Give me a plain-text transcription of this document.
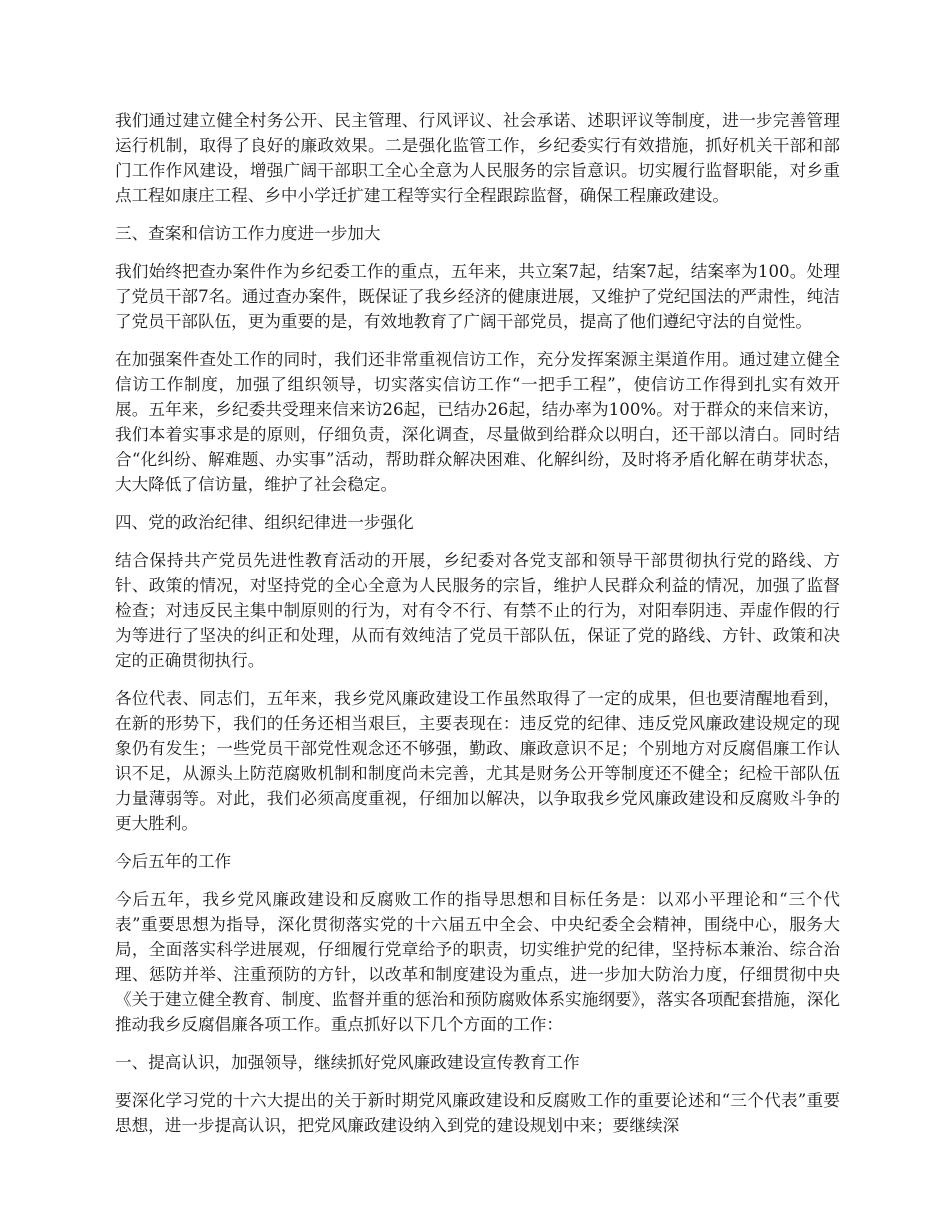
我们通过建立健全村务公开、民主管理、行风评议、社会承诺、述职评议等制度，进一步完善管理运行机制，取得了良好的廉政效果。二是强化监管工作，乡纪委实行有效措施，抓好机关干部和部门工作作风建设，增强广阔干部职工全心全意为人民服务的宗旨意识。切实履行监督职能，对乡重点工程如康庄工程、乡中小学迁扩建工程等实行全程跟踪监督，确保工程廉政建设。

三、查案和信访工作力度进一步加大

我们始终把查办案件作为乡纪委工作的重点，五年来，共立案7起，结案7起，结案率为100。处理了党员干部7名。通过查办案件，既保证了我乡经济的健康进展，又维护了党纪国法的严肃性，纯洁了党员干部队伍，更为重要的是，有效地教育了广阔干部党员，提高了他们遵纪守法的自觉性。

在加强案件查处工作的同时，我们还非常重视信访工作，充分发挥案源主渠道作用。通过建立健全信访工作制度，加强了组织领导，切实落实信访工作“一把手工程”，使信访工作得到扎实有效开展。五年来，乡纪委共受理来信来访26起，已结办26起，结办率为100%。对于群众的来信来访，我们本着实事求是的原则，仔细负责，深化调查，尽量做到给群众以明白，还干部以清白。同时结合“化纠纷、解难题、办实事”活动，帮助群众解决困难、化解纠纷，及时将矛盾化解在萌芽状态，大大降低了信访量，维护了社会稳定。

四、党的政治纪律、组织纪律进一步强化

结合保持共产党员先进性教育活动的开展，乡纪委对各党支部和领导干部贯彻执行党的路线、方针、政策的情况，对坚持党的全心全意为人民服务的宗旨，维护人民群众利益的情况，加强了监督检查；对违反民主集中制原则的行为，对有令不行、有禁不止的行为，对阳奉阴违、弄虚作假的行为等进行了坚决的纠正和处理，从而有效纯洁了党员干部队伍，保证了党的路线、方针、政策和决定的正确贯彻执行。

各位代表、同志们，五年来，我乡党风廉政建设工作虽然取得了一定的成果，但也要清醒地看到，在新的形势下，我们的任务还相当艰巨，主要表现在：违反党的纪律、违反党风廉政建设规定的现象仍有发生；一些党员干部党性观念还不够强，勤政、廉政意识不足；个别地方对反腐倡廉工作认识不足，从源头上防范腐败机制和制度尚未完善，尤其是财务公开等制度还不健全；纪检干部队伍力量薄弱等。对此，我们必须高度重视，仔细加以解决，以争取我乡党风廉政建设和反腐败斗争的更大胜利。

今后五年的工作

今后五年，我乡党风廉政建设和反腐败工作的指导思想和目标任务是：以邓小平理论和“三个代表”重要思想为指导，深化贯彻落实党的十六届五中全会、中央纪委全会精神，围绕中心，服务大局，全面落实科学进展观，仔细履行党章给予的职责，切实维护党的纪律，坚持标本兼治、综合治理、惩防并举、注重预防的方针，以改革和制度建设为重点，进一步加大防治力度，仔细贯彻中央《关于建立健全教育、制度、监督并重的惩治和预防腐败体系实施纲要》，落实各项配套措施，深化推动我乡反腐倡廉各项工作。重点抓好以下几个方面的工作：

一、提高认识，加强领导，继续抓好党风廉政建设宣传教育工作

要深化学习党的十六大提出的关于新时期党风廉政建设和反腐败工作的重要论述和“三个代表”重要思想，进一步提高认识，把党风廉政建设纳入到党的建设规划中来；要继续深
